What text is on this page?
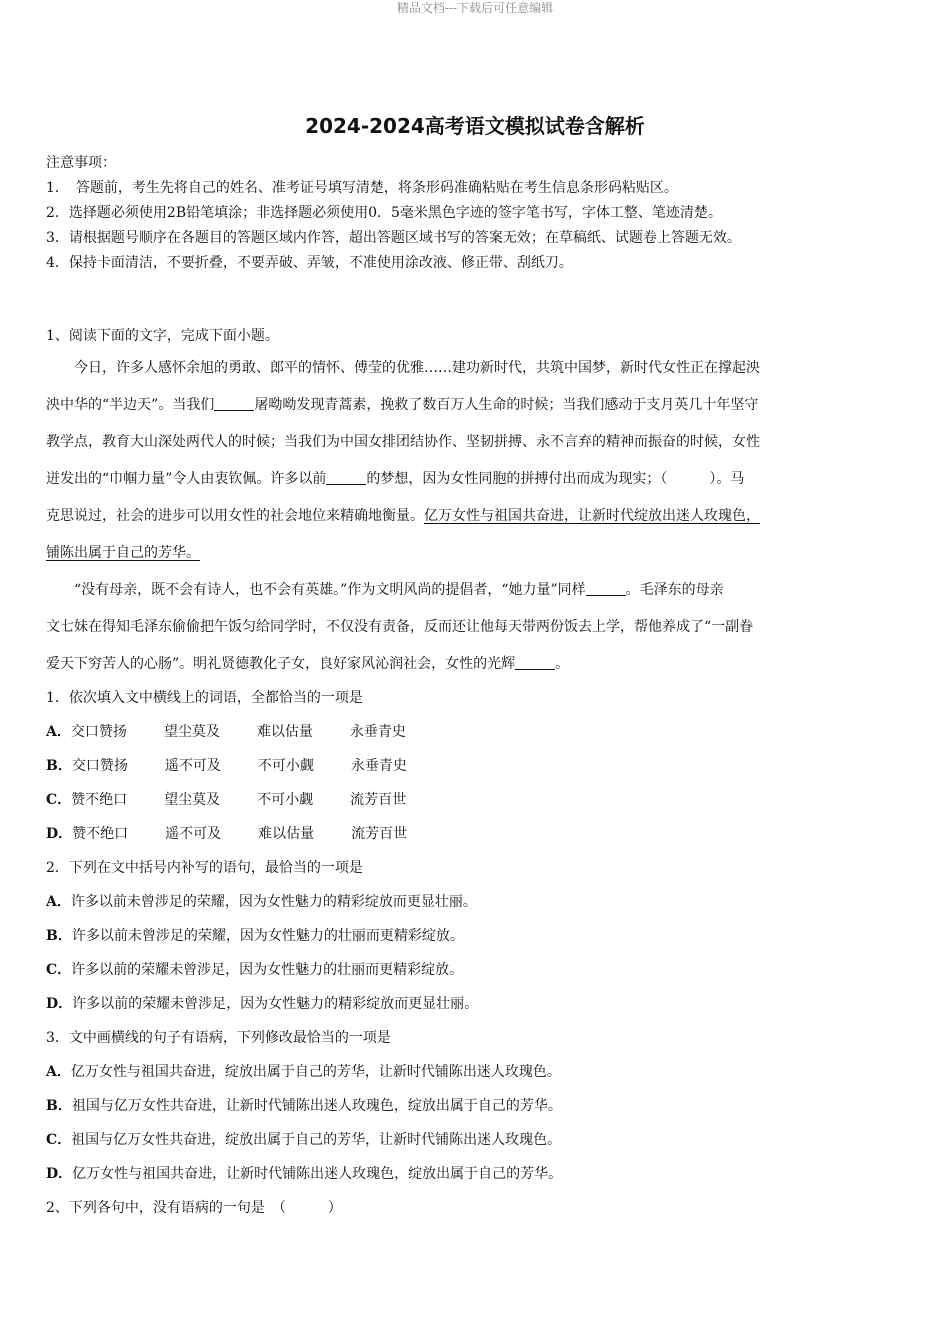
精品文档---下载后可任意编辑
2024-2024高考语文模拟试卷含解析
注意事项：
1．　答题前，考生先将自己的姓名、准考证号填写清楚，将条形码准确粘贴在考生信息条形码粘贴区。
2．选择题必须使用2B铅笔填涂；非选择题必须使用0．5毫米黑色字迹的签字笔书写，字体工整、笔迹清楚。
3．请根据题号顺序在各题目的答题区域内作答，超出答题区域书写的答案无效；在草稿纸、试题卷上答题无效。
4．保持卡面清洁，不要折叠，不要弄破、弄皱，不准使用涂改液、修正带、刮纸刀。
1、阅读下面的文字，完成下面小题。
　　今日，许多人感怀余旭的勇敢、郎平的情怀、傅莹的优雅……建功新时代，共筑中国梦，新时代女性正在撑起泱
泱中华的“半边天”。当我们	屠呦呦发现青蒿素，挽救了数百万人生命的时候；当我们感动于支月英几十年坚守
教学点，教育大山深处两代人的时候；当我们为中国女排团结协作、坚韧拼搏、永不言弃的精神而振奋的时候，女性
迸发出的“巾帼力量”令人由衷钦佩。许多以前	的梦想，因为女性同胞的拼搏付出而成为现实；（　　　）。马
克思说过，社会的进步可以用女性的社会地位来精确地衡量。亿万女性与祖国共奋进，让新时代绽放出迷人玫瑰色，
铺陈出属于自己的芳华。
　　“没有母亲，既不会有诗人，也不会有英雄。”作为文明风尚的提倡者，“她力量”同样	。毛泽东的母亲
文七妹在得知毛泽东偷偷把午饭匀给同学时，不仅没有责备，反而还让他每天带两份饭去上学，帮他养成了“一副眷
爱天下穷苦人的心肠”。明礼贤德教化子女，良好家风沁润社会，女性的光辉	。
1．依次填入文中横线上的词语，全都恰当的一项是
A．交口赞扬	望尘莫及	难以估量	永垂青史
B．交口赞扬	遥不可及	不可小觑	永垂青史
C．赞不绝口	望尘莫及	不可小觑	流芳百世
D．赞不绝口	遥不可及	难以估量	流芳百世
2．下列在文中括号内补写的语句，最恰当的一项是
A．许多以前未曾涉足的荣耀，因为女性魅力的精彩绽放而更显壮丽。
B．许多以前未曾涉足的荣耀，因为女性魅力的壮丽而更精彩绽放。
C．许多以前的荣耀未曾涉足，因为女性魅力的壮丽而更精彩绽放。
D．许多以前的荣耀未曾涉足，因为女性魅力的精彩绽放而更显壮丽。
3．文中画横线的句子有语病，下列修改最恰当的一项是
A．亿万女性与祖国共奋进，绽放出属于自己的芳华，让新时代铺陈出迷人玫瑰色。
B．祖国与亿万女性共奋进，让新时代铺陈出迷人玫瑰色，绽放出属于自己的芳华。
C．祖国与亿万女性共奋进，绽放出属于自己的芳华，让新时代铺陈出迷人玫瑰色。
D．亿万女性与祖国共奋进，让新时代铺陈出迷人玫瑰色，绽放出属于自己的芳华。
2、下列各句中，没有语病的一句是　（　　　）
